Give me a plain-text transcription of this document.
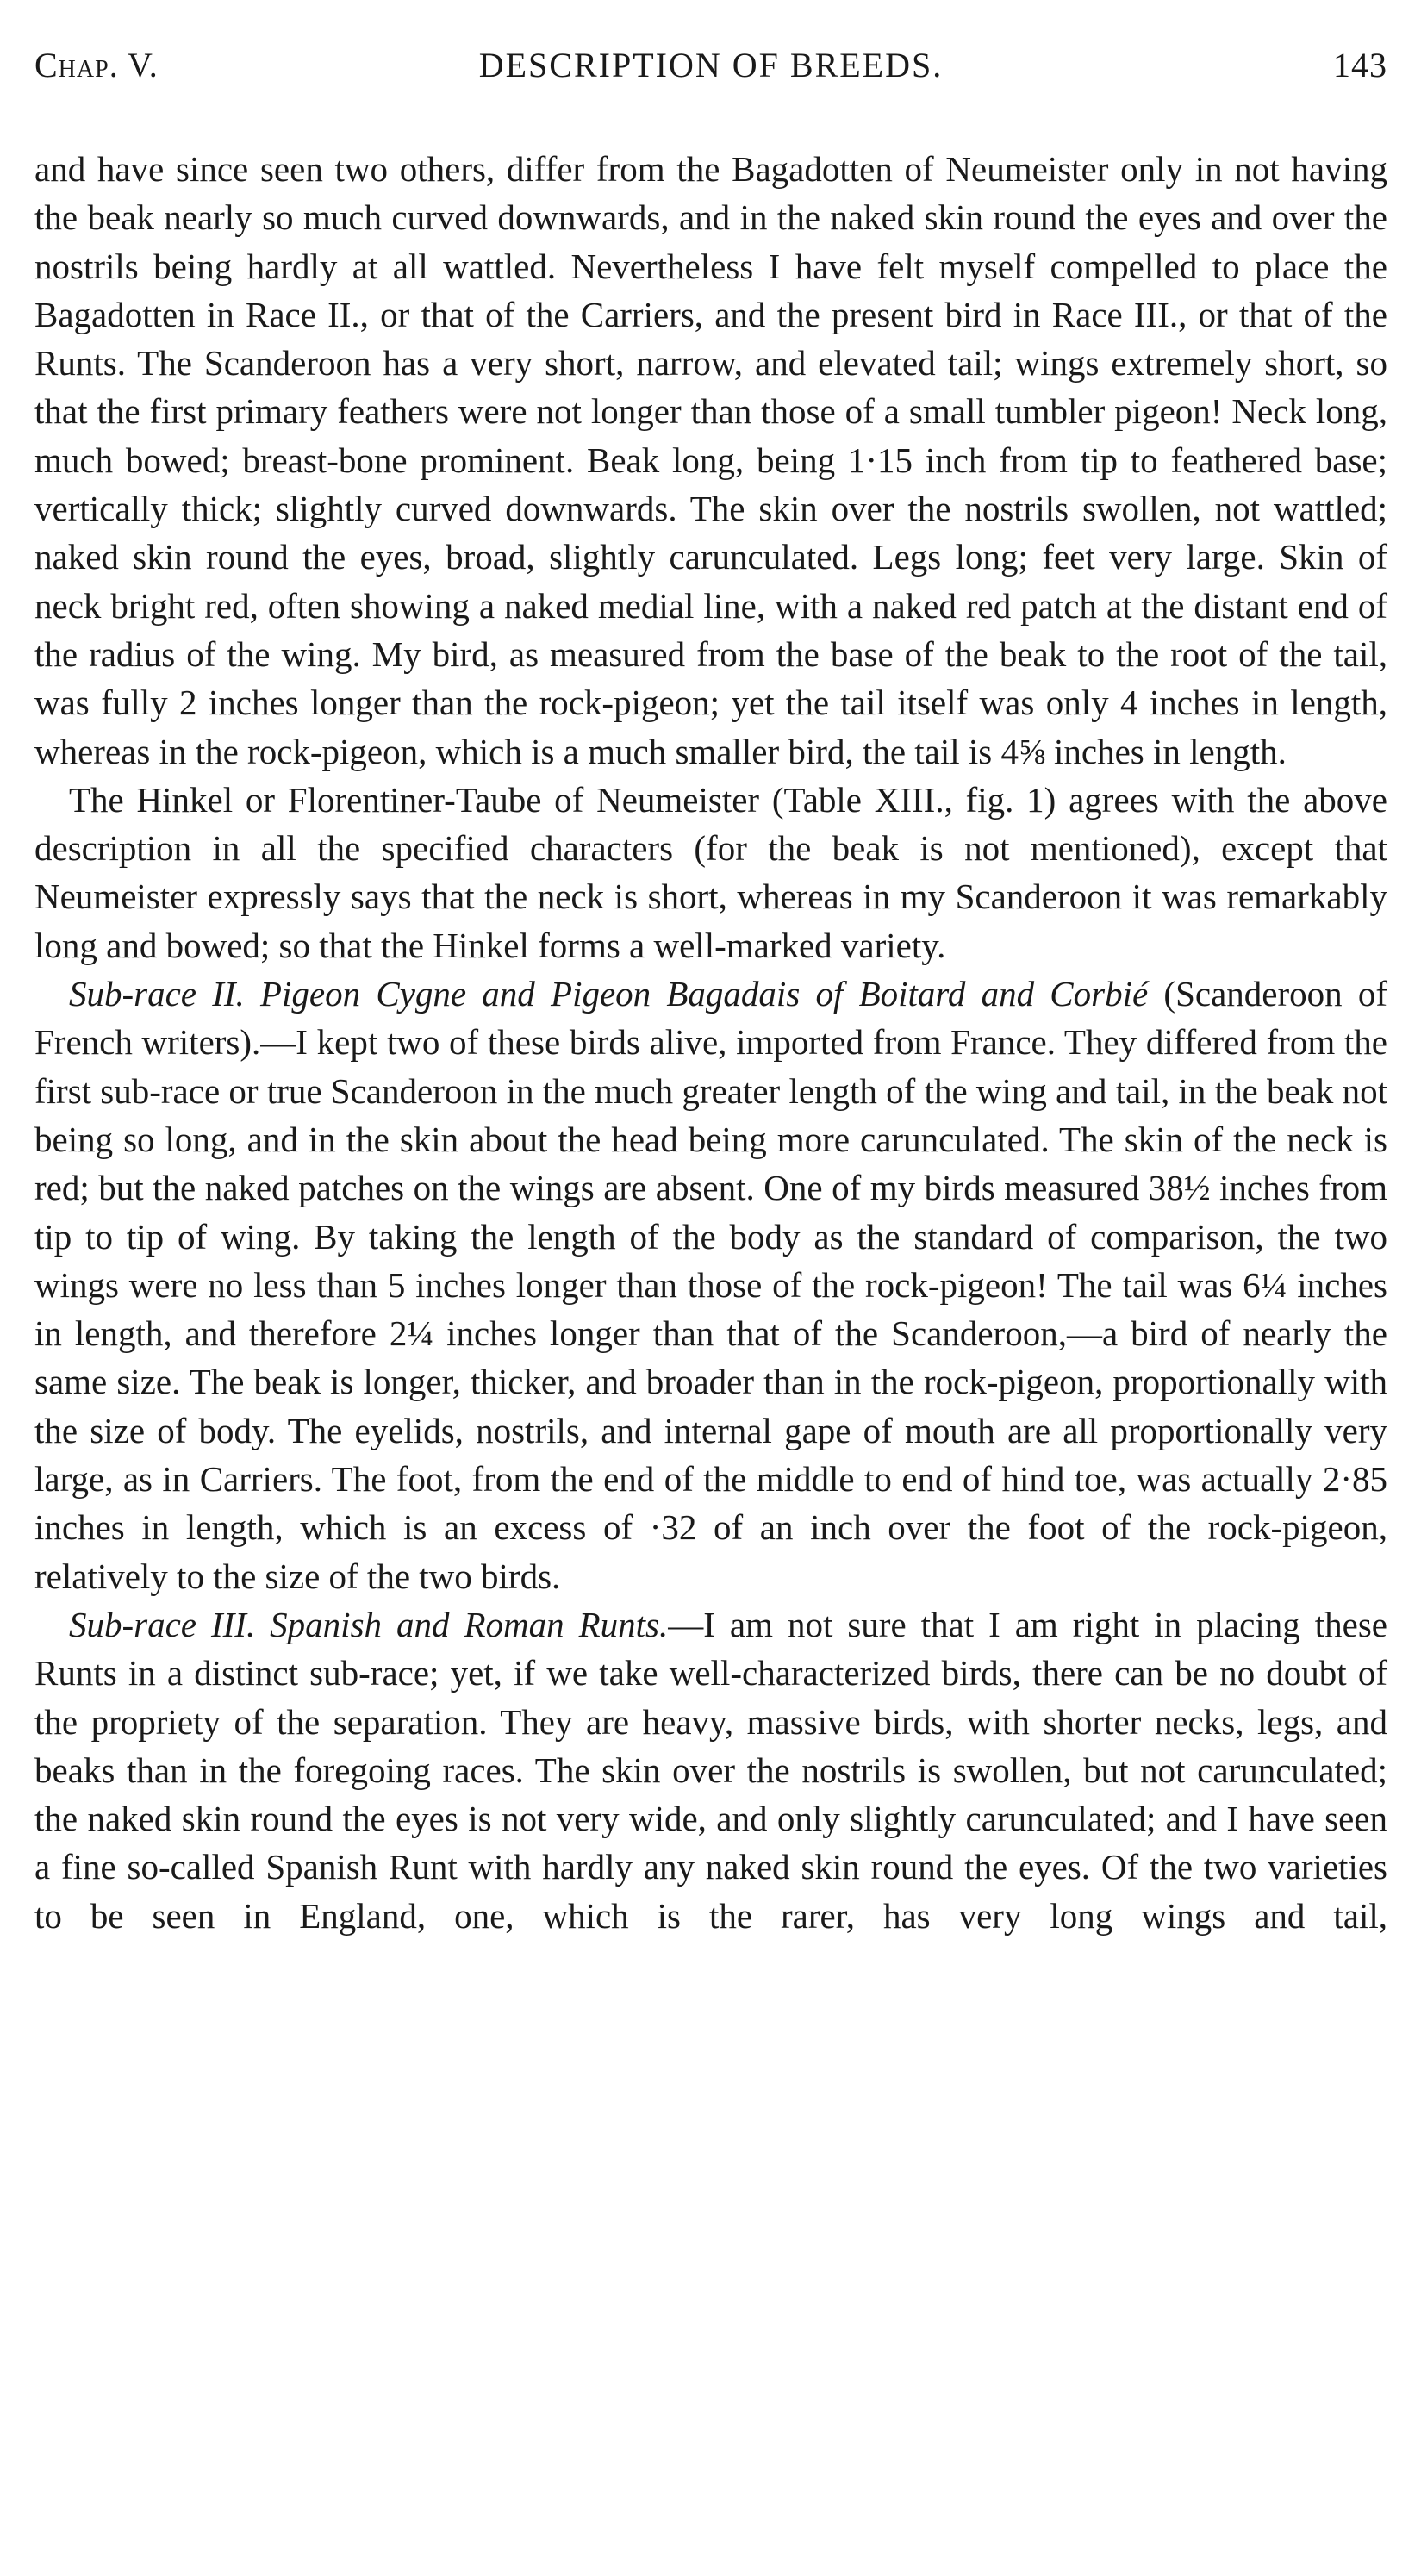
Chap. V.	DESCRIPTION OF BREEDS.	143

and have since seen two others, differ from the Bagadotten of Neumeister only in not having the beak nearly so much curved downwards, and in the naked skin round the eyes and over the nostrils being hardly at all wattled. Nevertheless I have felt myself compelled to place the Bagadotten in Race II., or that of the Carriers, and the present bird in Race III., or that of the Runts. The Scanderoon has a very short, narrow, and elevated tail; wings extremely short, so that the first primary feathers were not longer than those of a small tumbler pigeon! Neck long, much bowed; breast-bone prominent. Beak long, being 1·15 inch from tip to feathered base; vertically thick; slightly curved downwards. The skin over the nostrils swollen, not wattled; naked skin round the eyes, broad, slightly carunculated. Legs long; feet very large. Skin of neck bright red, often showing a naked medial line, with a naked red patch at the distant end of the radius of the wing. My bird, as measured from the base of the beak to the root of the tail, was fully 2 inches longer than the rock-pigeon; yet the tail itself was only 4 inches in length, whereas in the rock-pigeon, which is a much smaller bird, the tail is 4⅝ inches in length.

The Hinkel or Florentiner-Taube of Neumeister (Table XIII., fig. 1) agrees with the above description in all the specified characters (for the beak is not mentioned), except that Neumeister expressly says that the neck is short, whereas in my Scanderoon it was remarkably long and bowed; so that the Hinkel forms a well-marked variety.

Sub-race II. Pigeon Cygne and Pigeon Bagadais of Boitard and Corbié (Scanderoon of French writers).—I kept two of these birds alive, imported from France. They differed from the first sub-race or true Scanderoon in the much greater length of the wing and tail, in the beak not being so long, and in the skin about the head being more carunculated. The skin of the neck is red; but the naked patches on the wings are absent. One of my birds measured 38½ inches from tip to tip of wing. By taking the length of the body as the standard of comparison, the two wings were no less than 5 inches longer than those of the rock-pigeon! The tail was 6¼ inches in length, and therefore 2¼ inches longer than that of the Scanderoon,—a bird of nearly the same size. The beak is longer, thicker, and broader than in the rock-pigeon, proportionally with the size of body. The eyelids, nostrils, and internal gape of mouth are all proportionally very large, as in Carriers. The foot, from the end of the middle to end of hind toe, was actually 2·85 inches in length, which is an excess of ·32 of an inch over the foot of the rock-pigeon, relatively to the size of the two birds.

Sub-race III. Spanish and Roman Runts.—I am not sure that I am right in placing these Runts in a distinct sub-race; yet, if we take well-characterized birds, there can be no doubt of the propriety of the separation. They are heavy, massive birds, with shorter necks, legs, and beaks than in the foregoing races. The skin over the nostrils is swollen, but not carunculated; the naked skin round the eyes is not very wide, and only slightly carunculated; and I have seen a fine so-called Spanish Runt with hardly any naked skin round the eyes. Of the two varieties to be seen in England, one, which is the rarer, has very long wings and tail,
